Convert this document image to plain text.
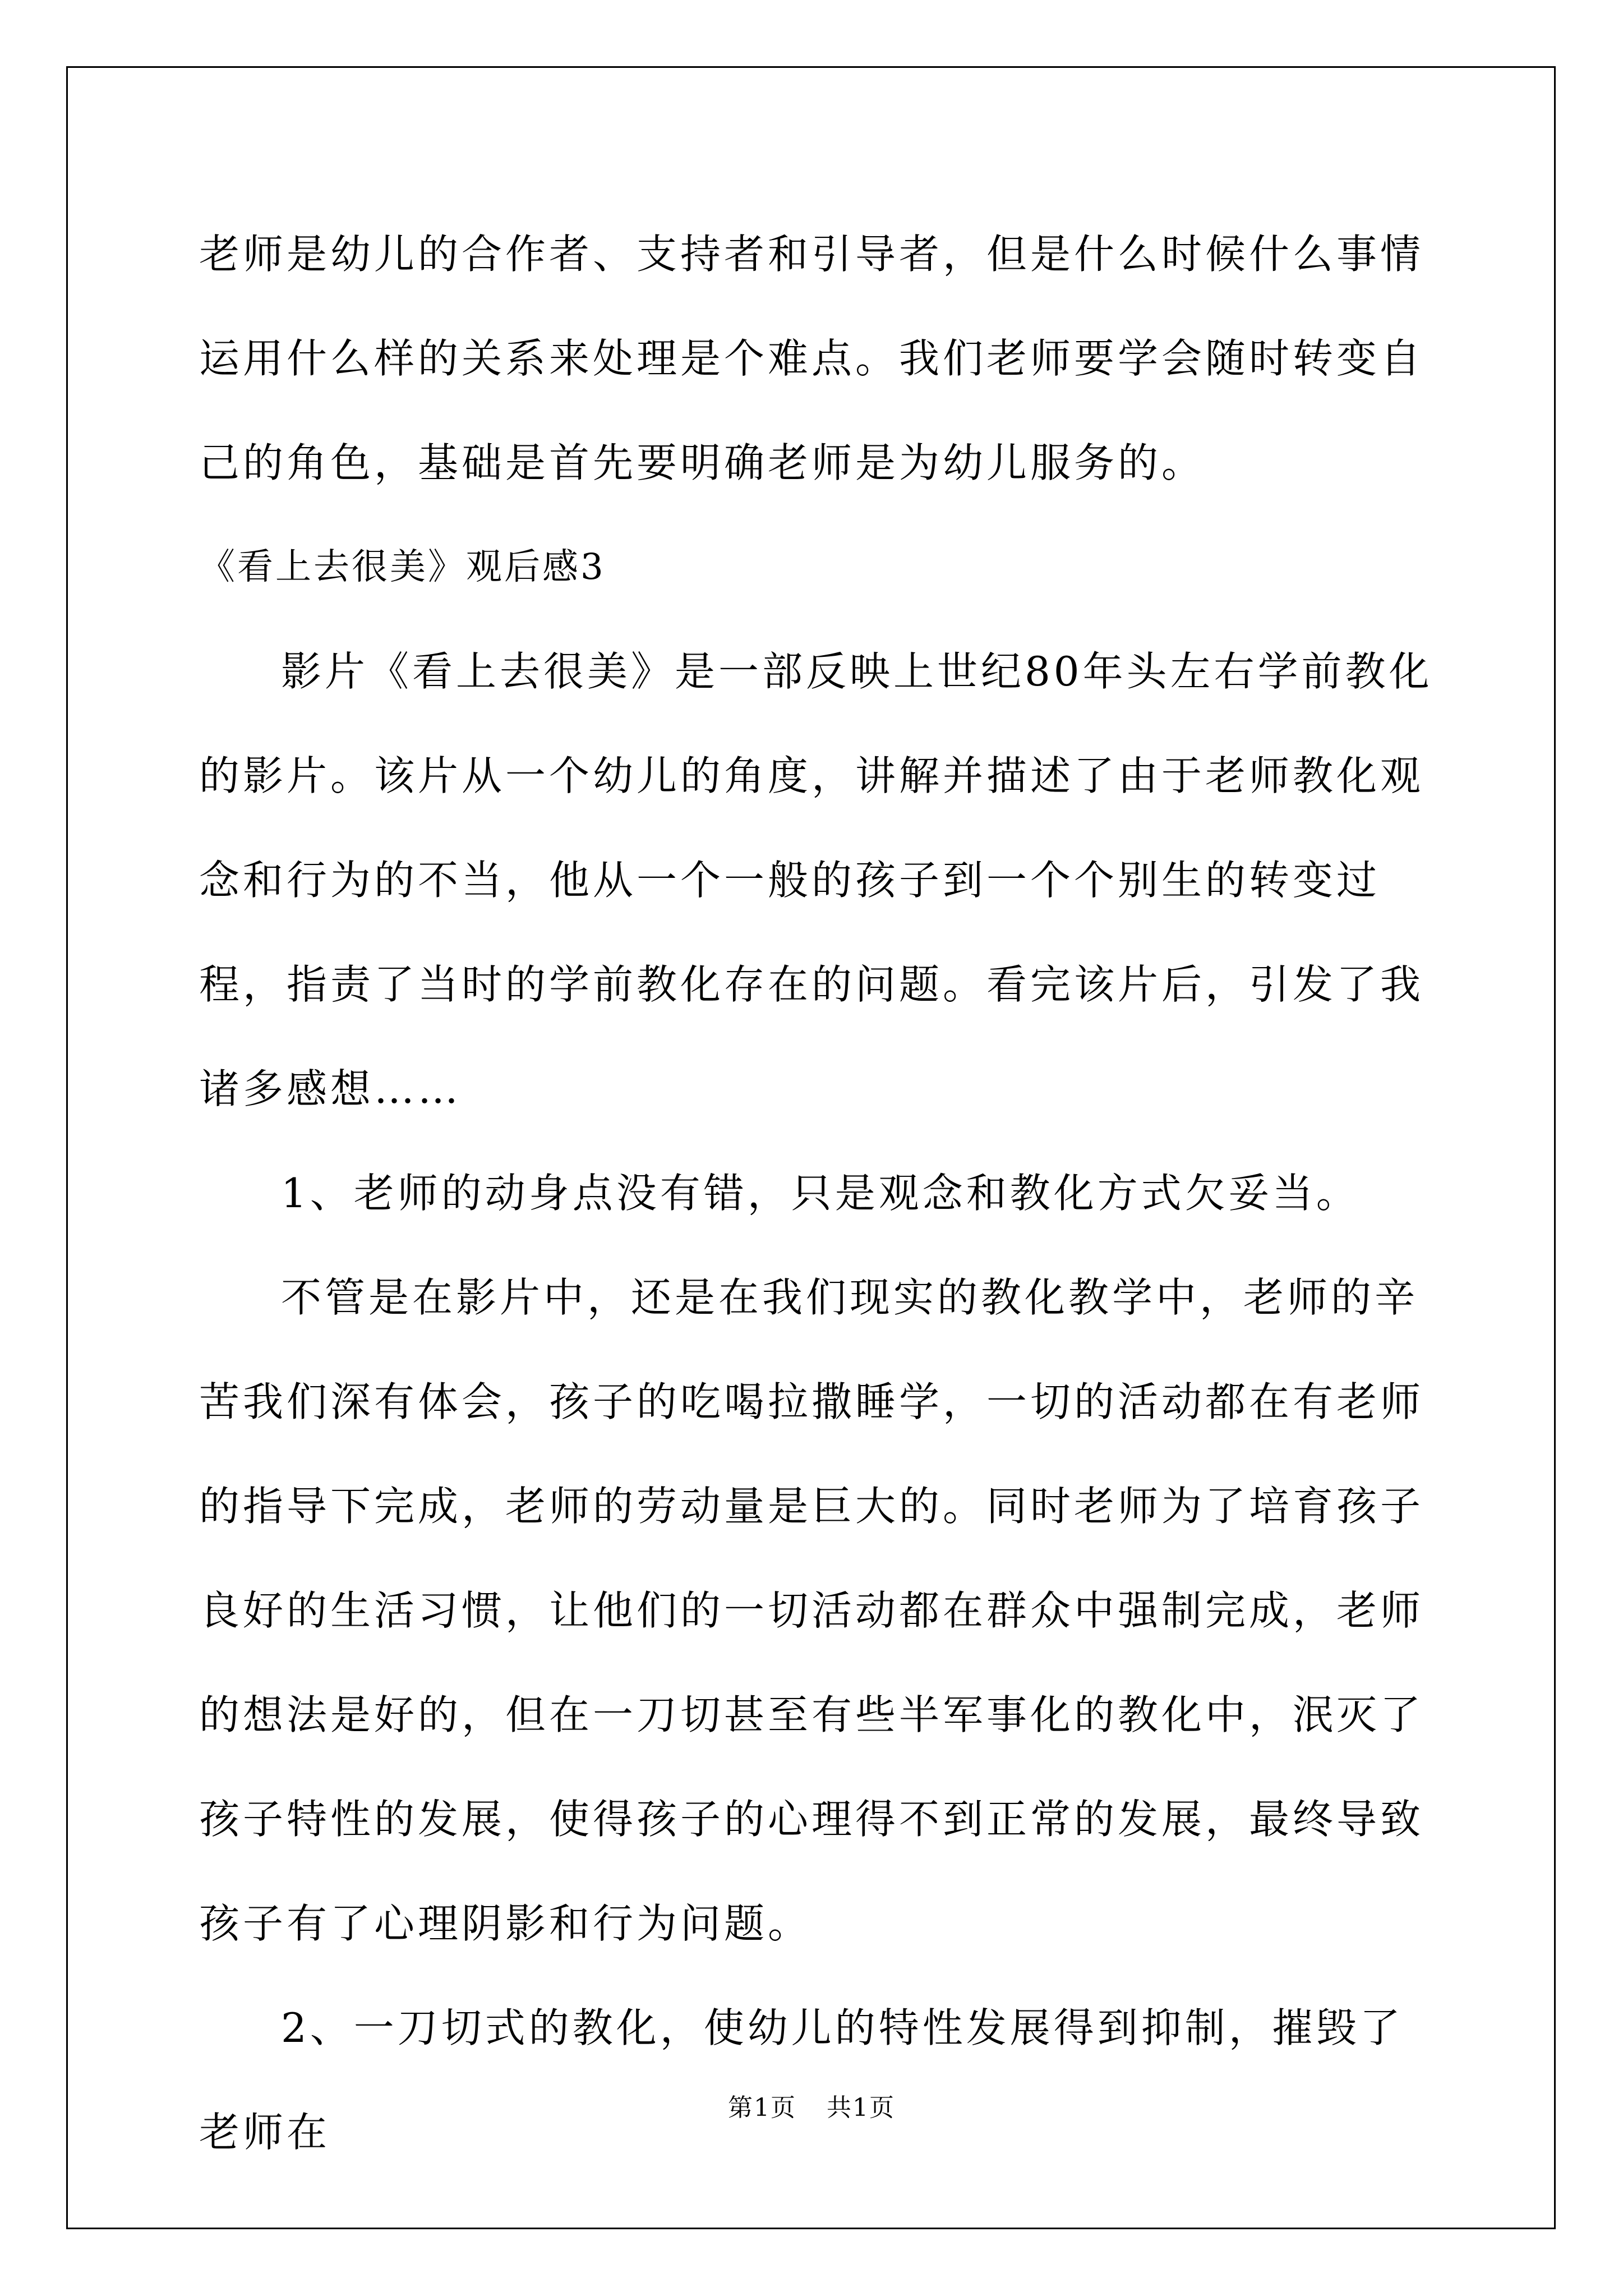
老师是幼儿的合作者、支持者和引导者，但是什么时候什么事情运用什么样的关系来处理是个难点。我们老师要学会随时转变自己的角色，基础是首先要明确老师是为幼儿服务的。

《看上去很美》观后感3

影片《看上去很美》是一部反映上世纪80年头左右学前教化的影片。该片从一个幼儿的角度，讲解并描述了由于老师教化观念和行为的不当，他从一个一般的孩子到一个个别生的转变过程，指责了当时的学前教化存在的问题。看完该片后，引发了我诸多感想……

1、老师的动身点没有错，只是观念和教化方式欠妥当。

不管是在影片中，还是在我们现实的教化教学中，老师的辛苦我们深有体会，孩子的吃喝拉撒睡学，一切的活动都在有老师的指导下完成，老师的劳动量是巨大的。同时老师为了培育孩子良好的生活习惯，让他们的一切活动都在群众中强制完成，老师的想法是好的，但在一刀切甚至有些半军事化的教化中，泯灭了孩子特性的发展，使得孩子的心理得不到正常的发展，最终导致孩子有了心理阴影和行为问题。

2、一刀切式的教化，使幼儿的特性发展得到抑制，摧毁了老师在

第1页 共1页
